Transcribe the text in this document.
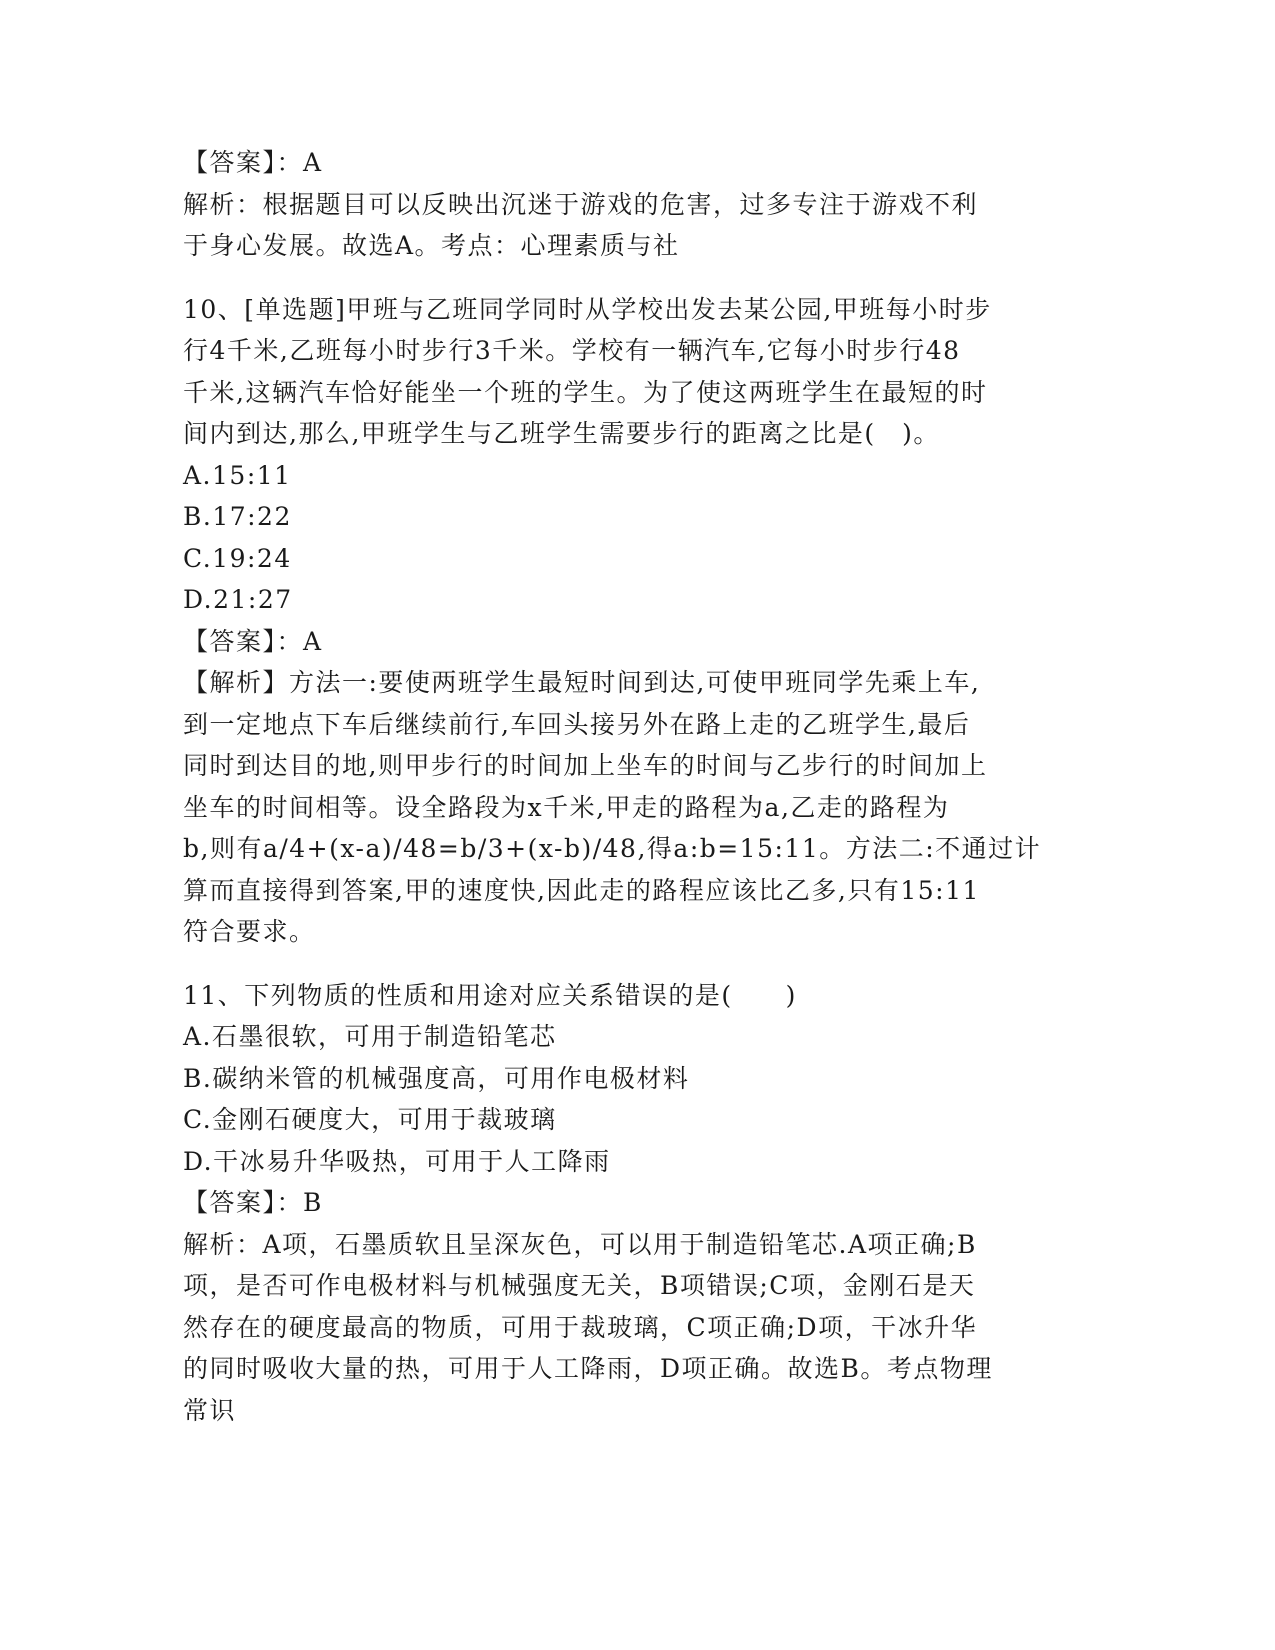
【答案】：A
解析：根据题目可以反映出沉迷于游戏的危害，过多专注于游戏不利
于身心发展。故选A。考点：心理素质与社
10、[单选题]甲班与乙班同学同时从学校出发去某公园,甲班每小时步
行4千米,乙班每小时步行3千米。学校有一辆汽车,它每小时步行48
千米,这辆汽车恰好能坐一个班的学生。为了使这两班学生在最短的时
间内到达,那么,甲班学生与乙班学生需要步行的距离之比是(　)。
A.15:11
B.17:22
C.19:24
D.21:27
【答案】：A
【解析】方法一:要使两班学生最短时间到达,可使甲班同学先乘上车,
到一定地点下车后继续前行,车回头接另外在路上走的乙班学生,最后
同时到达目的地,则甲步行的时间加上坐车的时间与乙步行的时间加上
坐车的时间相等。设全路段为x千米,甲走的路程为a,乙走的路程为
b,则有a/4+(x-a)/48=b/3+(x-b)/48,得a:b=15:11。方法二:不通过计
算而直接得到答案,甲的速度快,因此走的路程应该比乙多,只有15:11
符合要求。
11、下列物质的性质和用途对应关系错误的是(　　)
A.石墨很软，可用于制造铅笔芯
B.碳纳米管的机械强度高，可用作电极材料
C.金刚石硬度大，可用于裁玻璃
D.干冰易升华吸热，可用于人工降雨
【答案】：B
解析：A项，石墨质软且呈深灰色，可以用于制造铅笔芯.A项正确;B
项，是否可作电极材料与机械强度无关，B项错误;C项，金刚石是天
然存在的硬度最高的物质，可用于裁玻璃，C项正确;D项，干冰升华
的同时吸收大量的热，可用于人工降雨，D项正确。故选B。考点物理
常识
